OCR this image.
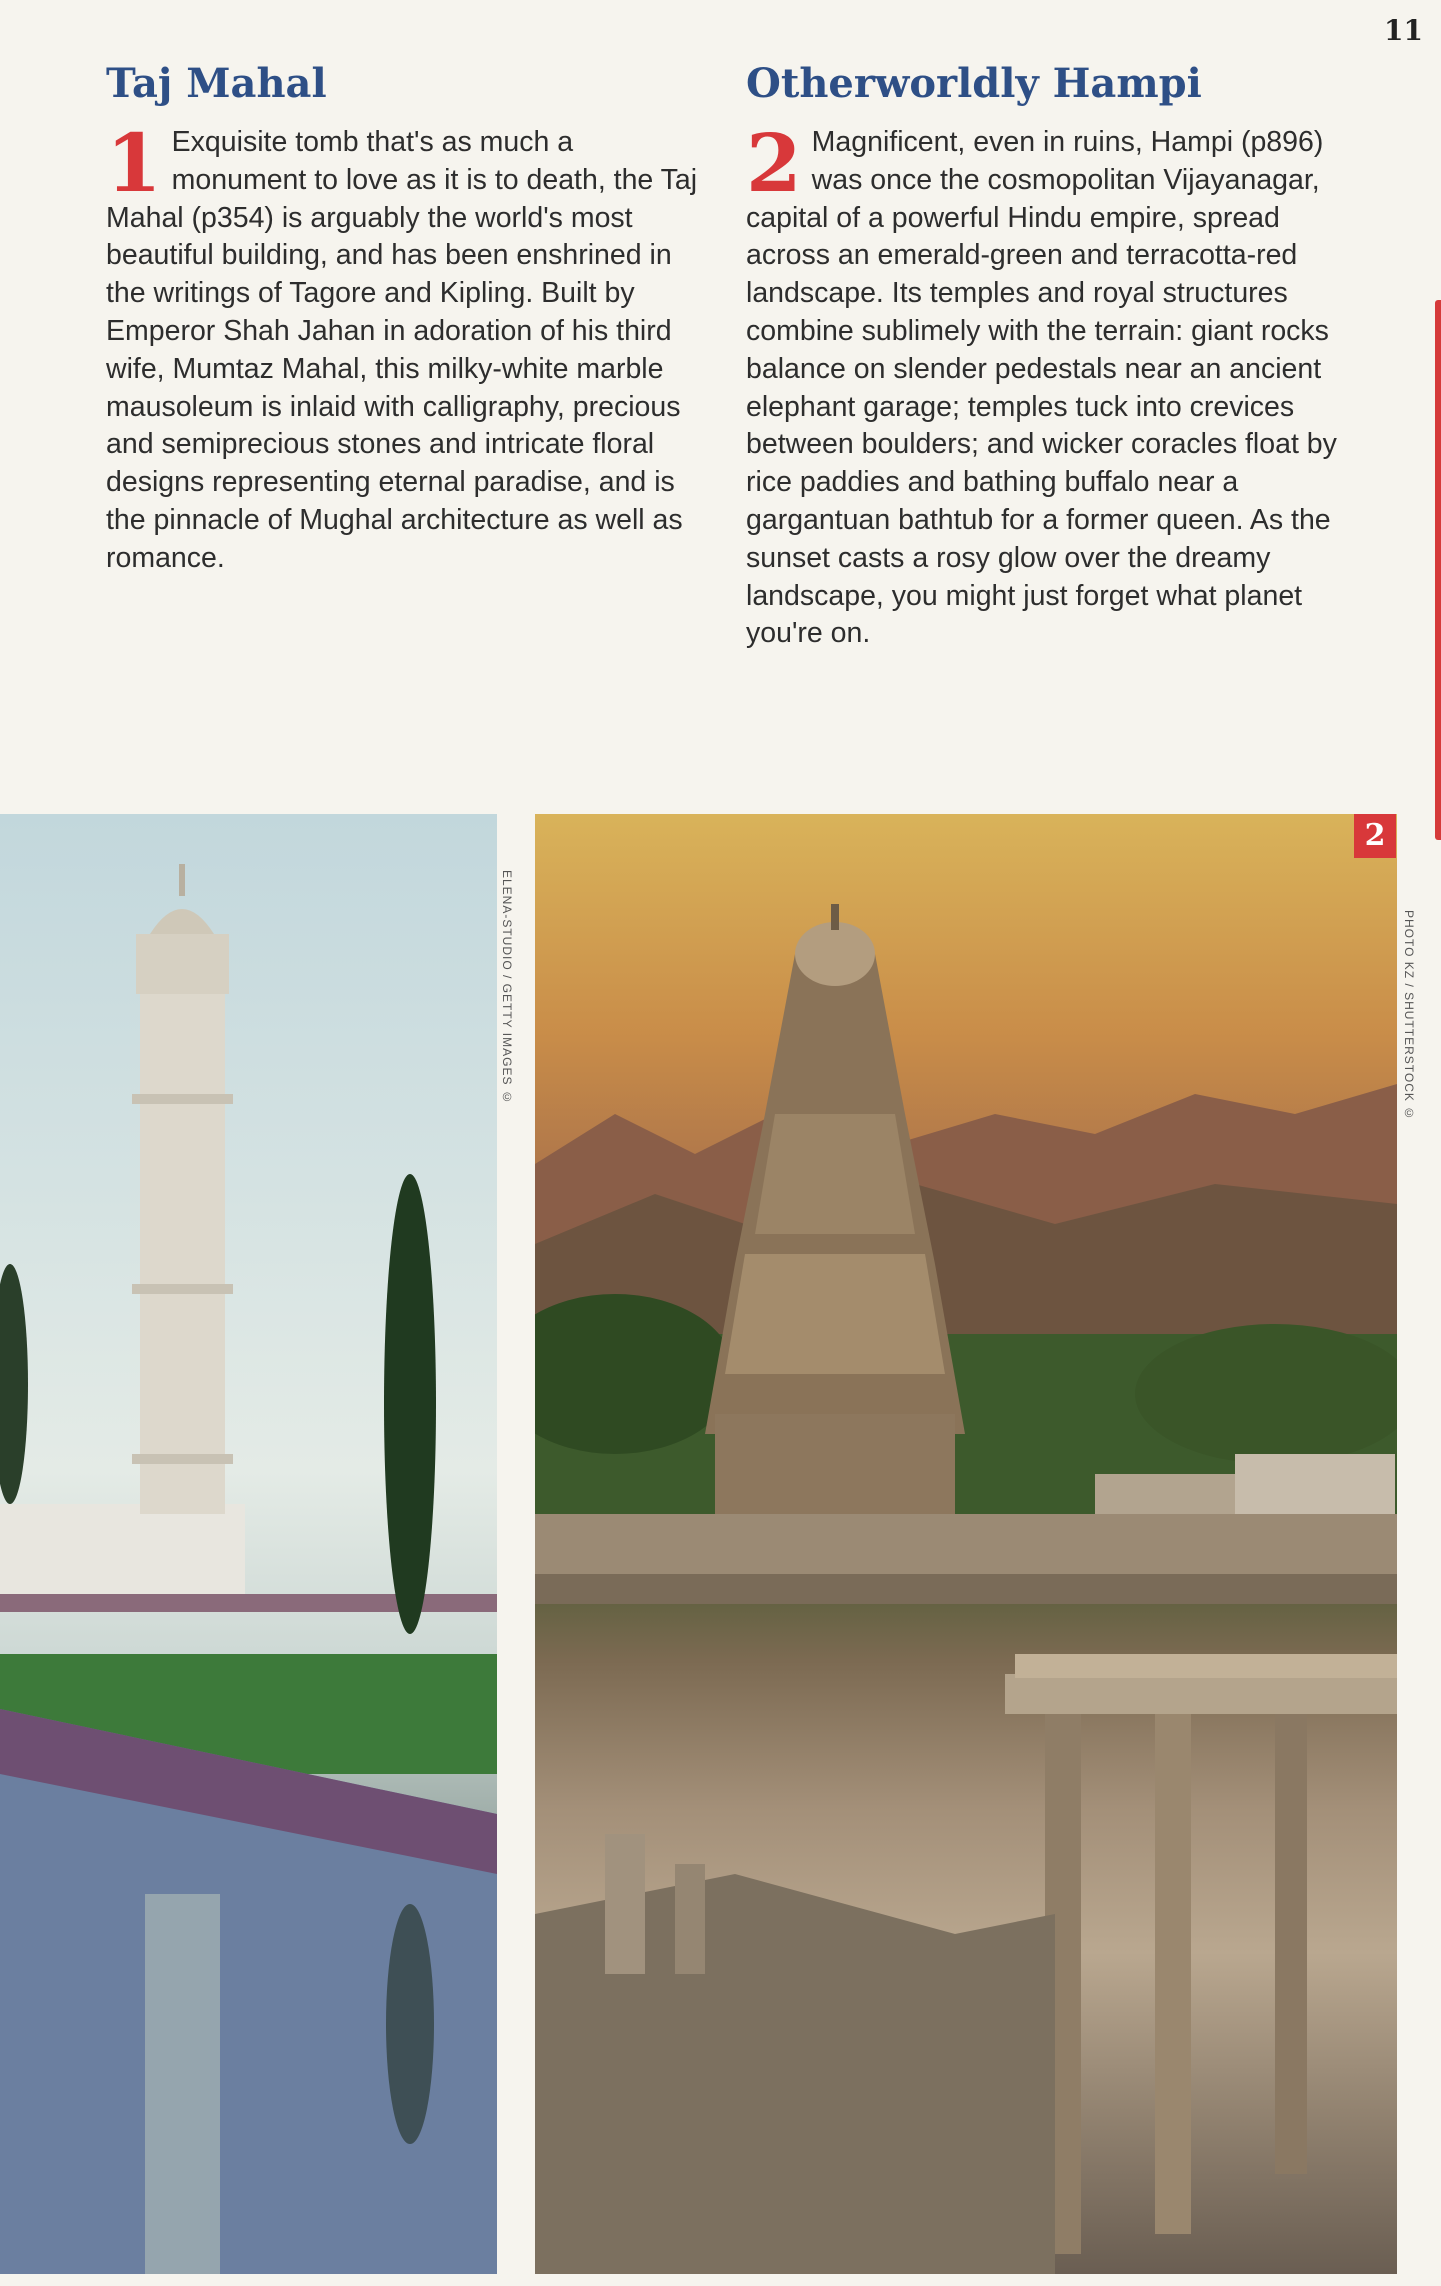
11
Taj Mahal

1 Exquisite tomb that's as much a monument to love as it is to death, the Taj Mahal (p354) is arguably the world's most beautiful building, and has been enshrined in the writings of Tagore and Kipling. Built by Emperor Shah Jahan in adoration of his third wife, Mumtaz Mahal, this milky-white marble mausoleum is inlaid with calligraphy, precious and semiprecious stones and intricate floral designs representing eternal paradise, and is the pinnacle of Mughal architecture as well as romance.

Otherworldly Hampi

2 Magnificent, even in ruins, Hampi (p896) was once the cosmopolitan Vijayanagar, capital of a powerful Hindu empire, spread across an emerald-green and terracotta-red landscape. Its temples and royal structures combine sublimely with the terrain: giant rocks balance on slender pedestals near an ancient elephant garage; temples tuck into crevices between boulders; and wicker coracles float by rice paddies and bathing buffalo near a gargantuan bathtub for a former queen. As the sunset casts a rosy glow over the dreamy landscape, you might just forget what planet you're on.

ELENA-STUDIO / GETTY IMAGES ©
2
PHOTO KZ / SHUTTERSTOCK ©
